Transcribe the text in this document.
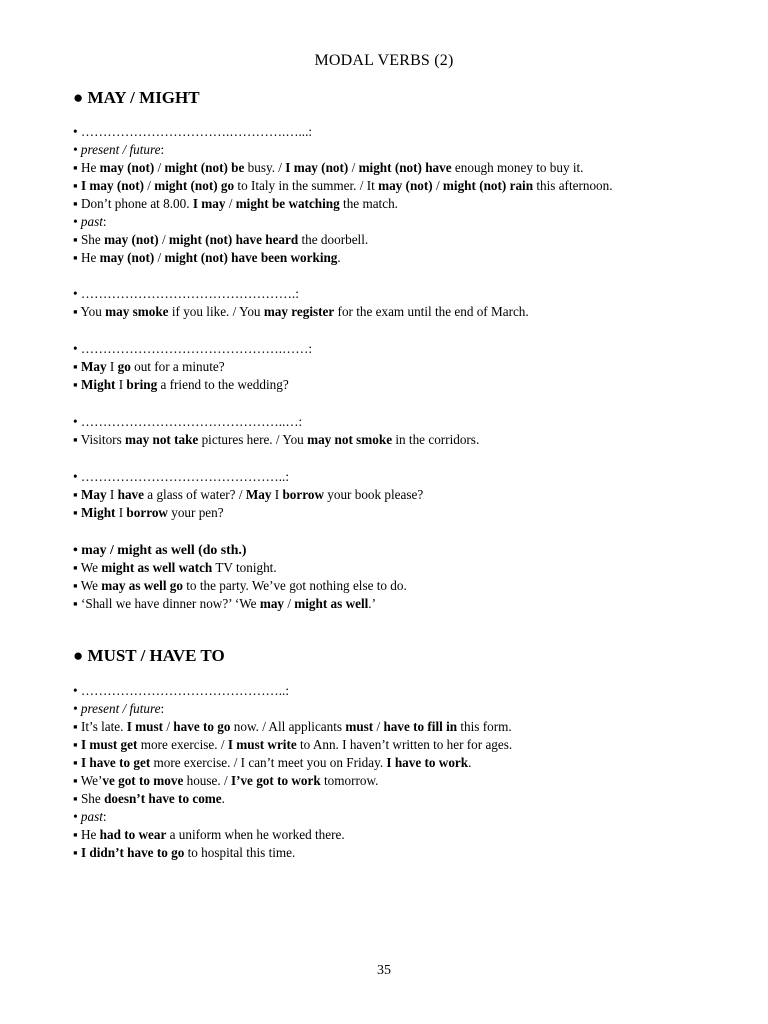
MODAL VERBS (2)
● MAY / MIGHT
• …………………………….………….…...:
• present / future:
▪ He may (not) / might (not) be busy. / I may (not) / might (not) have enough money to buy it.
▪ I may (not) / might (not) go to Italy in the summer. / It may (not) / might (not) rain this afternoon.
▪ Don’t phone at 8.00. I may / might be watching the match.
• past:
▪ She may (not) / might (not) have heard the doorbell.
▪ He may (not) / might (not) have been working.
• ………………………………………….:
▪ You may smoke if you like. / You may register for the exam until the end of March.
• ……………………………………….……:
▪ May I go out for a minute?
▪ Might I bring a friend to the wedding?
• ………………………………………..…:
▪ Visitors may not take pictures here. / You may not smoke in the corridors.
• ………………………………………..:
▪ May I have a glass of water? / May I borrow your book please?
▪ Might I borrow your pen?
• may / might as well (do sth.)
▪ We might as well watch TV tonight.
▪ We may as well go to the party. We’ve got nothing else to do.
▪ ‘Shall we have dinner now?’ ‘We may / might as well.’
● MUST / HAVE TO
• ………………………………………..:
• present / future:
▪ It’s late. I must / have to go now. / All applicants must / have to fill in this form.
▪ I must get more exercise. / I must write to Ann. I haven’t written to her for ages.
▪ I have to get more exercise. / I can’t meet you on Friday. I have to work.
▪ We’ve got to move house. / I’ve got to work tomorrow.
▪ She doesn’t have to come.
• past:
▪ He had to wear a uniform when he worked there.
▪ I didn’t have to go to hospital this time.
35
